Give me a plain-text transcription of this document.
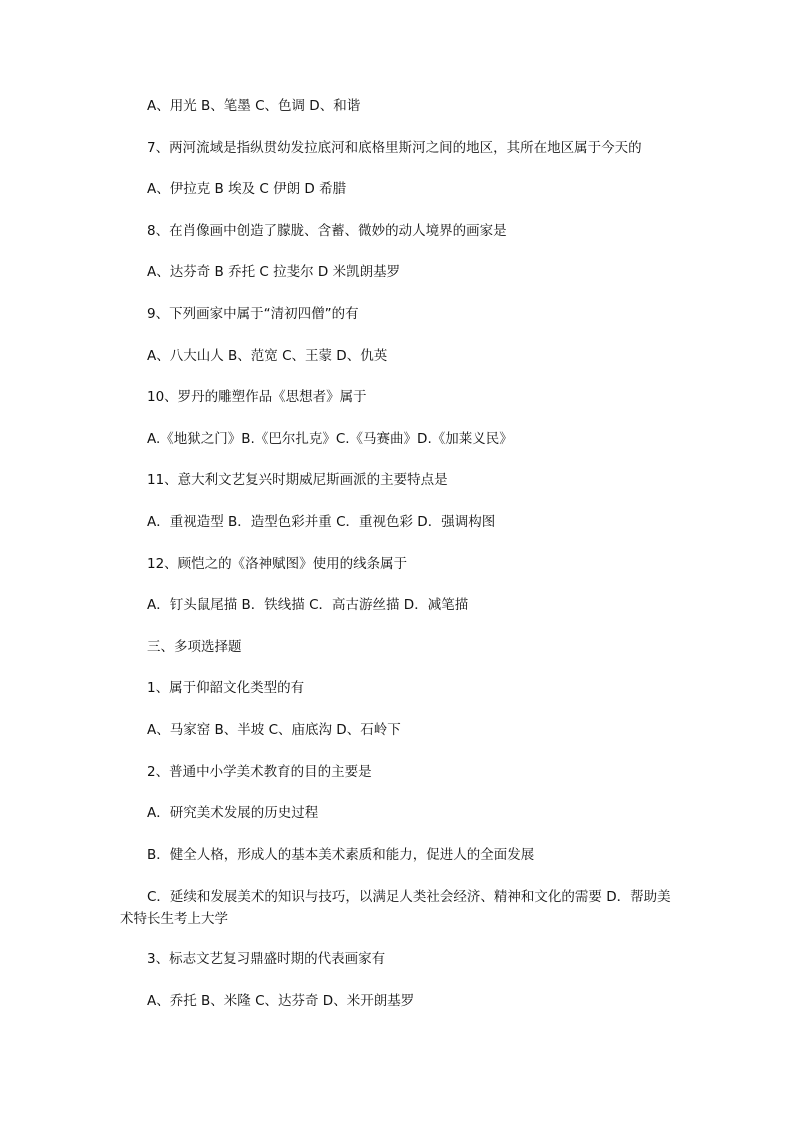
A、用光 B、笔墨 C、色调 D、和谐
7、两河流域是指纵贯幼发拉底河和底格里斯河之间的地区，其所在地区属于今天的
A、伊拉克 B 埃及 C 伊朗 D 希腊
8、在肖像画中创造了朦胧、含蓄、微妙的动人境界的画家是
A、达芬奇 B 乔托 C 拉斐尔 D 米凯朗基罗
9、下列画家中属于“清初四僧”的有
A、八大山人 B、范宽 C、王蒙 D、仇英
10、罗丹的雕塑作品《思想者》属于
A.《地狱之门》B.《巴尔扎克》C.《马赛曲》D.《加莱义民》
11、意大利文艺复兴时期威尼斯画派的主要特点是
A．重视造型 B．造型色彩并重 C．重视色彩 D．强调构图
12、顾恺之的《洛神赋图》使用的线条属于
A．钉头鼠尾描 B．铁线描 C．高古游丝描 D．减笔描
三、多项选择题
1、属于仰韶文化类型的有
A、马家窑 B、半坡 C、庙底沟 D、石岭下
2、普通中小学美术教育的目的主要是
A．研究美术发展的历史过程
B．健全人格，形成人的基本美术素质和能力，促进人的全面发展
C．延续和发展美术的知识与技巧，以满足人类社会经济、精神和文化的需要 D．帮助美术特长生考上大学
3、标志文艺复习鼎盛时期的代表画家有
A、乔托 B、米隆 C、达芬奇 D、米开朗基罗
